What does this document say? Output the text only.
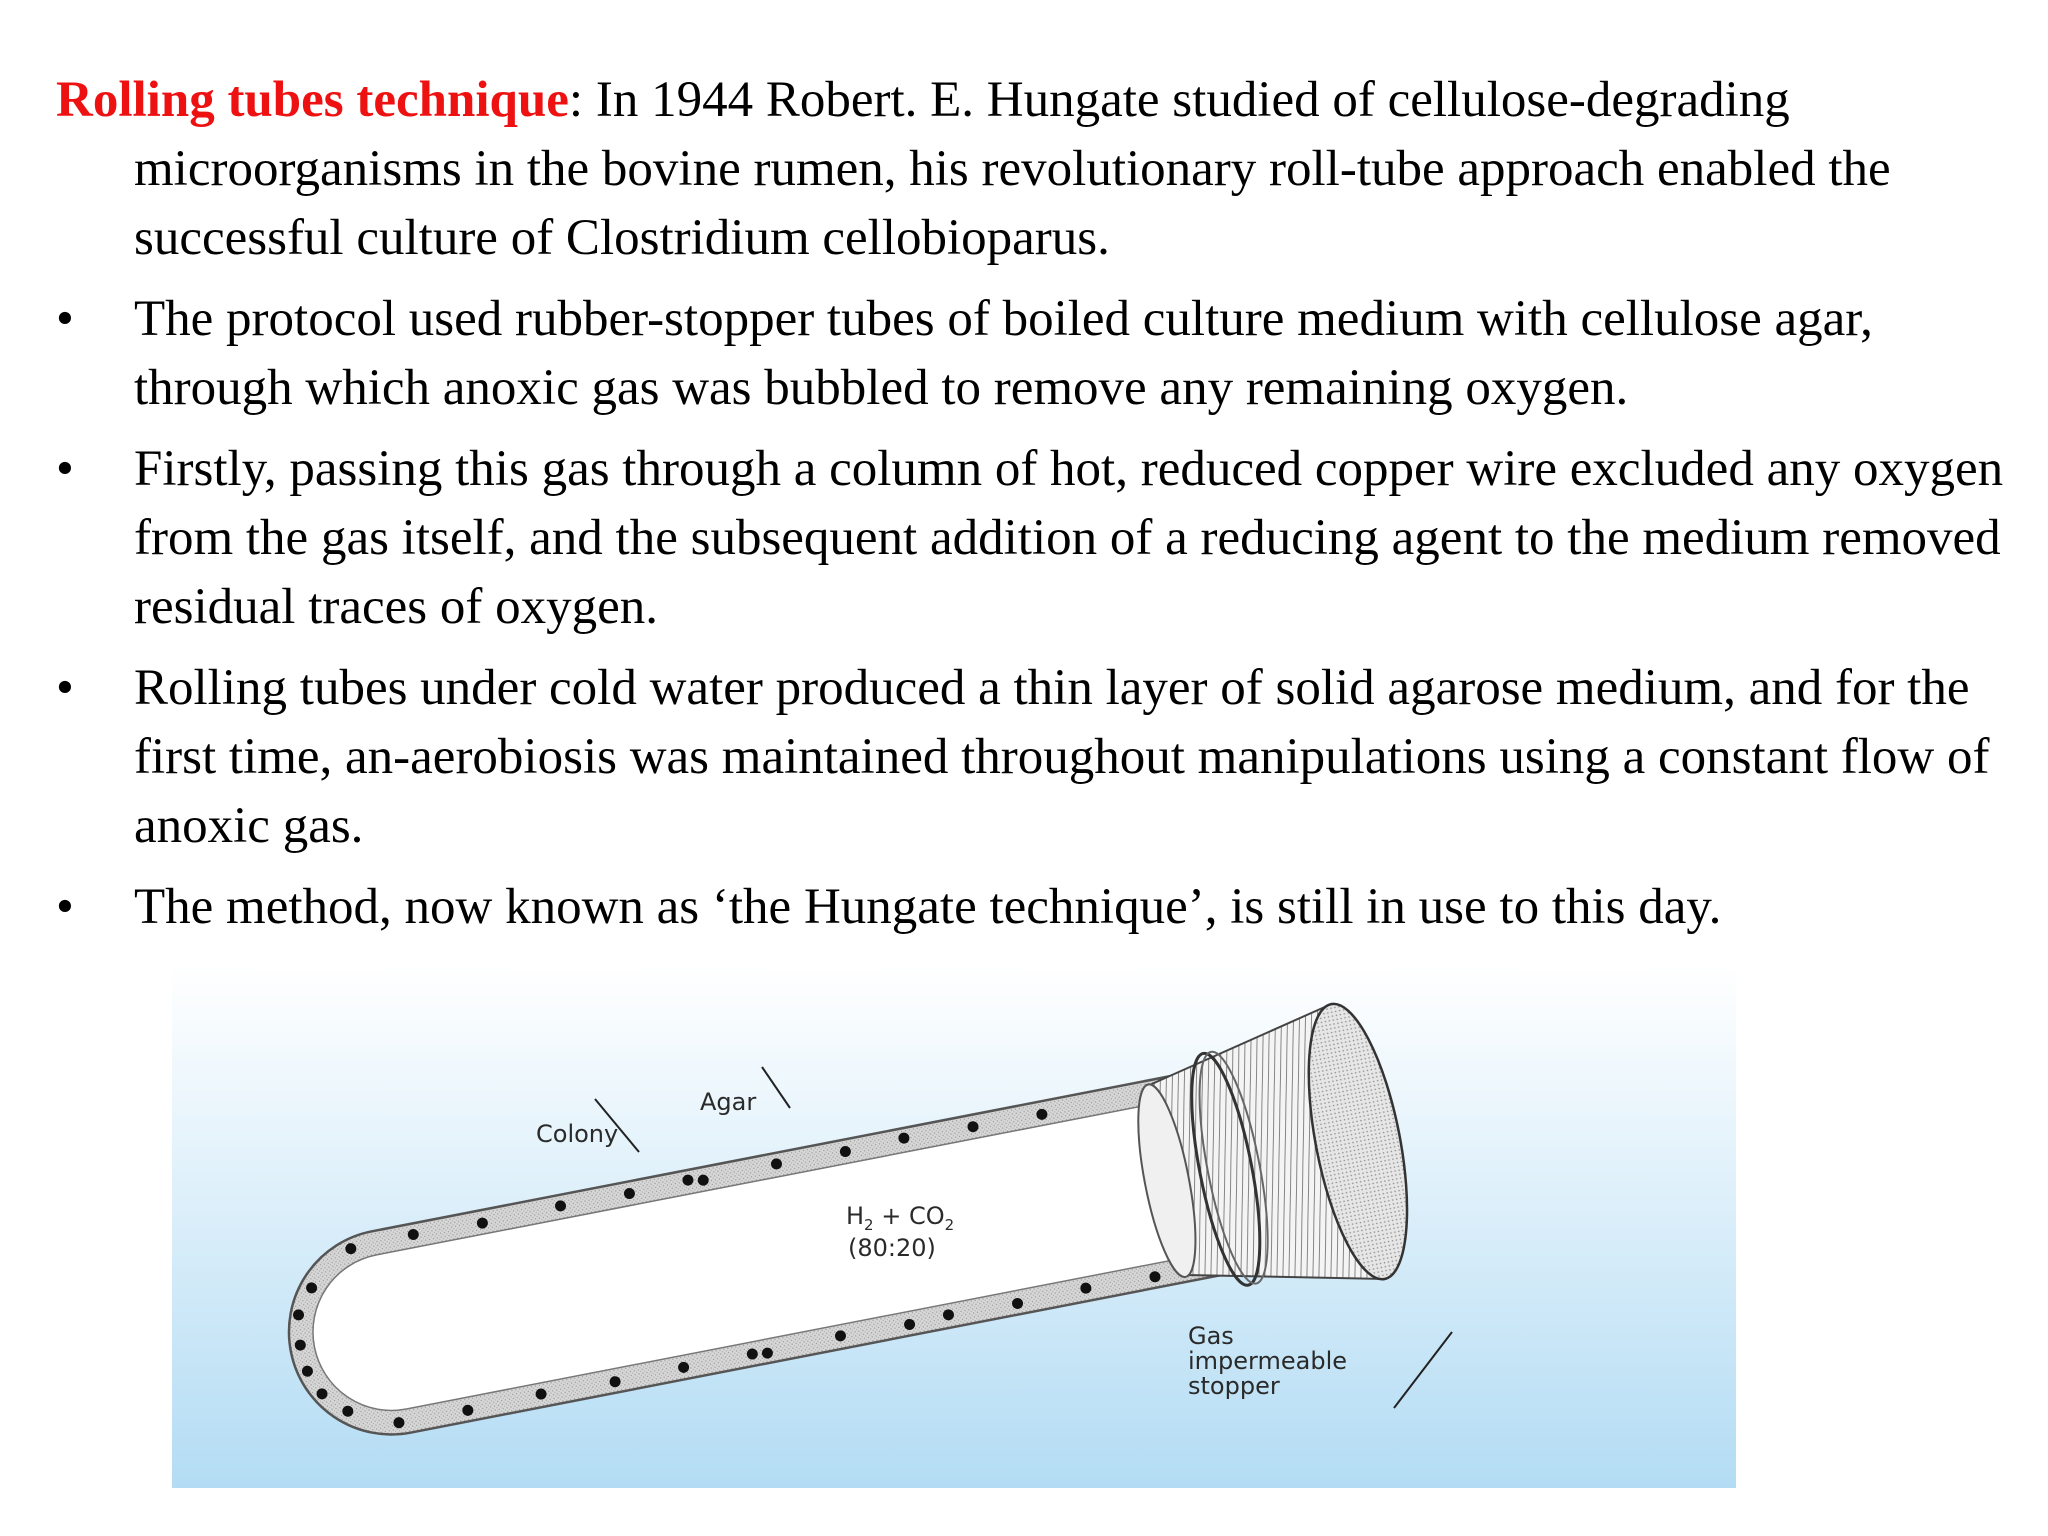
Rolling tubes technique: In 1944 Robert. E. Hungate studied of cellulose-degrading microorganisms in the bovine rumen, his revolutionary roll-tube approach enabled the successful culture of Clostridium cellobioparus.

• The protocol used rubber-stopper tubes of boiled culture medium with cellulose agar, through which anoxic gas was bubbled to remove any remaining oxygen.

• Firstly, passing this gas through a column of hot, reduced copper wire excluded any oxygen from the gas itself, and the subsequent addition of a reducing agent to the medium removed residual traces of oxygen.

• Rolling tubes under cold water produced a thin layer of solid agarose medium, and for the first time, an-aerobiosis was maintained throughout manipulations using a constant flow of anoxic gas.

• The method, now known as ‘the Hungate technique’, is still in use to this day.

Agar
Colony
$H_2 + CO_2$
(80:20)
Gas
impermeable
stopper
